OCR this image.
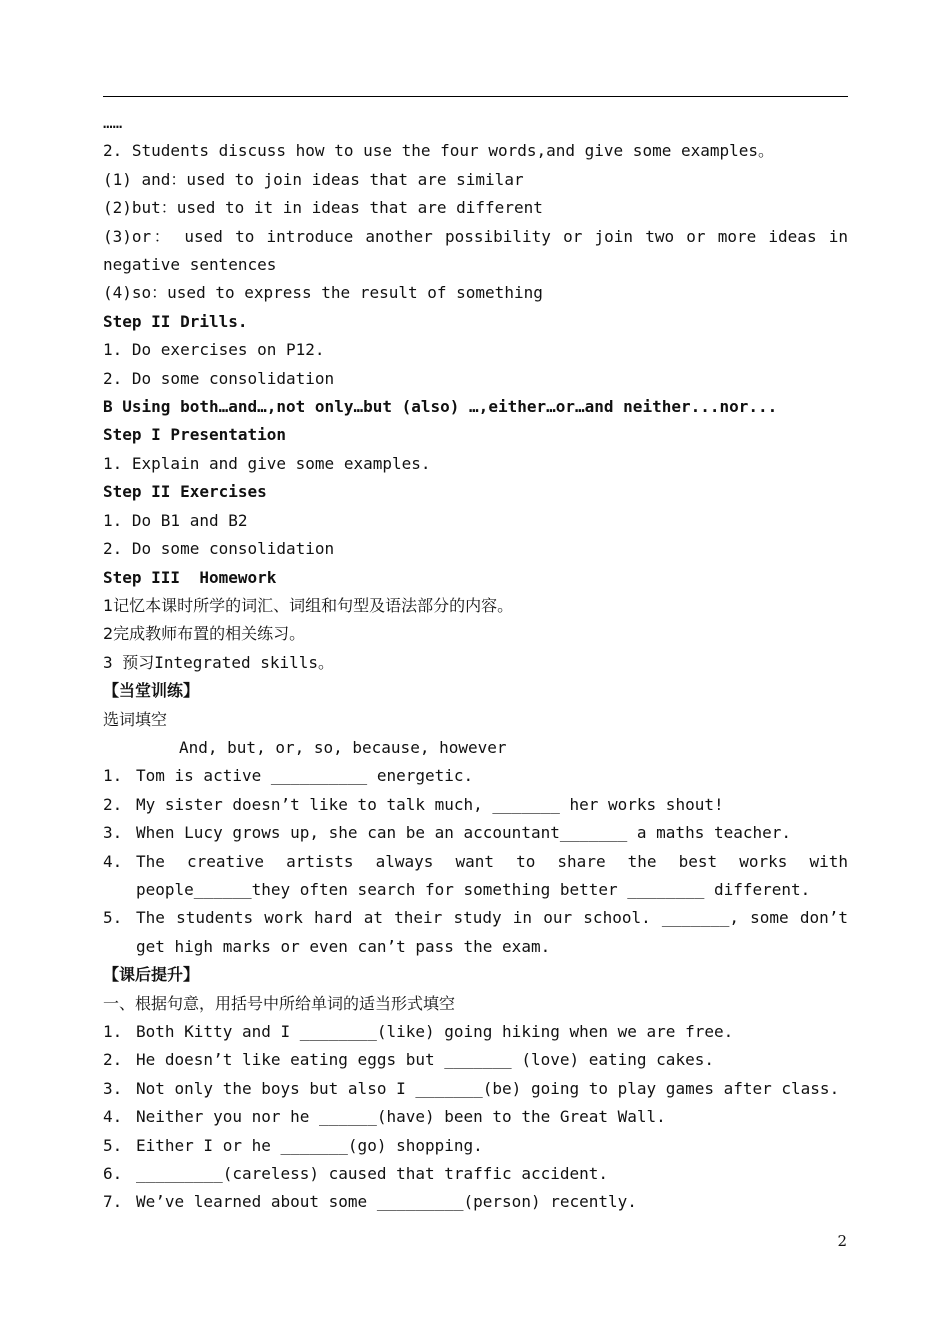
……
2. Students discuss how to use the four words,and give some examples。
(1) and：used to join ideas that are similar
(2)but：used to it in ideas that are different
(3)or： used to introduce another possibility or join two or more ideas in
negative sentences
(4)so：used to express the result of something
Step II Drills.
1. Do exercises on P12.
2. Do some consolidation
B Using both…and…,not only…but (also) …,either…or…and neither...nor...
Step I Presentation
1. Explain and give some examples.
Step II Exercises
1. Do B1 and B2
2. Do some consolidation
Step III  Homework
1记忆本课时所学的词汇、词组和句型及语法部分的内容。
2完成教师布置的相关练习。
3 预习Integrated skills。
【当堂训练】
选词填空
And, but, or, so, because, however
1. Tom is active __________ energetic.
2. My sister doesn’t like to talk much, _______ her works shout!
3. When Lucy grows up, she can be an accountant_______ a maths teacher.
4. The creative artists always want to share the best works with
people______they often search for something better ________ different.
5. The students work hard at their study in our school. _______, some don’t
get high marks or even can’t pass the exam.
【课后提升】
一、根据句意，用括号中所给单词的适当形式填空
1. Both Kitty and I ________(like) going hiking when we are free.
2. He doesn’t like eating eggs but _______ (love) eating cakes.
3. Not only the boys but also I _______(be) going to play games after class.
4. Neither you nor he ______(have) been to the Great Wall.
5. Either I or he _______(go) shopping.
6. _________(careless) caused that traffic accident.
7. We’ve learned about some _________(person) recently.
2
